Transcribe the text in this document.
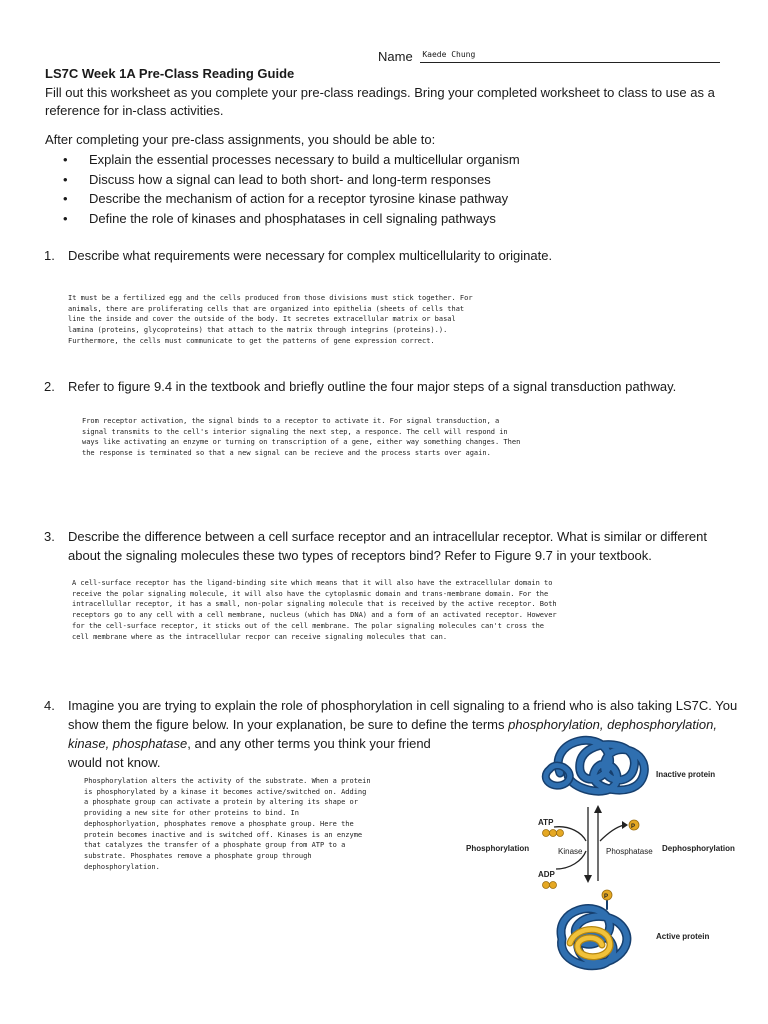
Name Kaede Chung
LS7C Week 1A Pre-Class Reading Guide
Fill out this worksheet as you complete your pre-class readings. Bring your completed worksheet to class to use as a reference for in-class activities.
After completing your pre-class assignments, you should be able to:
• Explain the essential processes necessary to build a multicellular organism
• Discuss how a signal can lead to both short- and long-term responses
• Describe the mechanism of action for a receptor tyrosine kinase pathway
• Define the role of kinases and phosphatases in cell signaling pathways
1. Describe what requirements were necessary for complex multicellularity to originate.
It must be a fertilized egg and the cells produced from those divisions must stick together. For
animals, there are proliferating cells that are organized into epithelia (sheets of cells that
line the inside and cover the outside of the body. It secretes extracellular matrix or basal
lamina (proteins, glycoproteins) that attach to the matrix through integrins (proteins).).
Furthermore, the cells must communicate to get the patterns of gene expression correct.
2. Refer to figure 9.4 in the textbook and briefly outline the four major steps of a signal transduction pathway.
From receptor activation, the signal binds to a receptor to activate it. For signal transduction, a
signal transmits to the cell's interior signaling the next step, a responce. The cell will respond in
ways like activating an enzyme or turning on transcription of a gene, either way something changes. Then
the response is terminated so that a new signal can be recieve and the process starts over again.
3. Describe the difference between a cell surface receptor and an intracellular receptor. What is similar or different
about the signaling molecules these two types of receptors bind? Refer to Figure 9.7 in your textbook.
A cell-surface receptor has the ligand-binding site which means that it will also have the extracellular domain to
receive the polar signaling molecule, it will also have the cytoplasmic domain and trans-membrane domain. For the
intracellullar receptor, it has a small, non-polar signaling molecule that is received by the active receptor. Both
receptors go to any cell with a cell membrane, nucleus (which has DNA) and a form of an activated receptor. However
for the cell-surface receptor, it sticks out of the cell membrane. The polar signaling molecules can't cross the
cell membrane where as the intracellular recpor can receive signaling molecules that can.
4. Imagine you are trying to explain the role of phosphorylation in cell signaling to a friend who is also taking LS7C. You
show them the figure below. In your explanation, be sure to define the terms phosphorylation, dephosphorylation,
kinase, phosphatase, and any other terms you think your friend
would not know.
Phosphorylation alters the activity of the substrate. When a protein
is phosphorylated by a kinase it becomes active/switched on. Adding
a phosphate group can activate a protein by altering its shape or
providing a new site for other proteins to bind. In
dephosphorlyation, phosphates remove a phosphate group. Here the
protein becomes inactive and is switched off. Kinases is an enzyme
that catalyzes the transfer of a phosphate group from ATP to a
substrate. Phosphates remove a phosphate group through
dephosphorylation.
Inactive protein
ATP
ADP
P
Phosphorylation	Kinase	Phosphatase Dephosphorylation
P
Active protein
